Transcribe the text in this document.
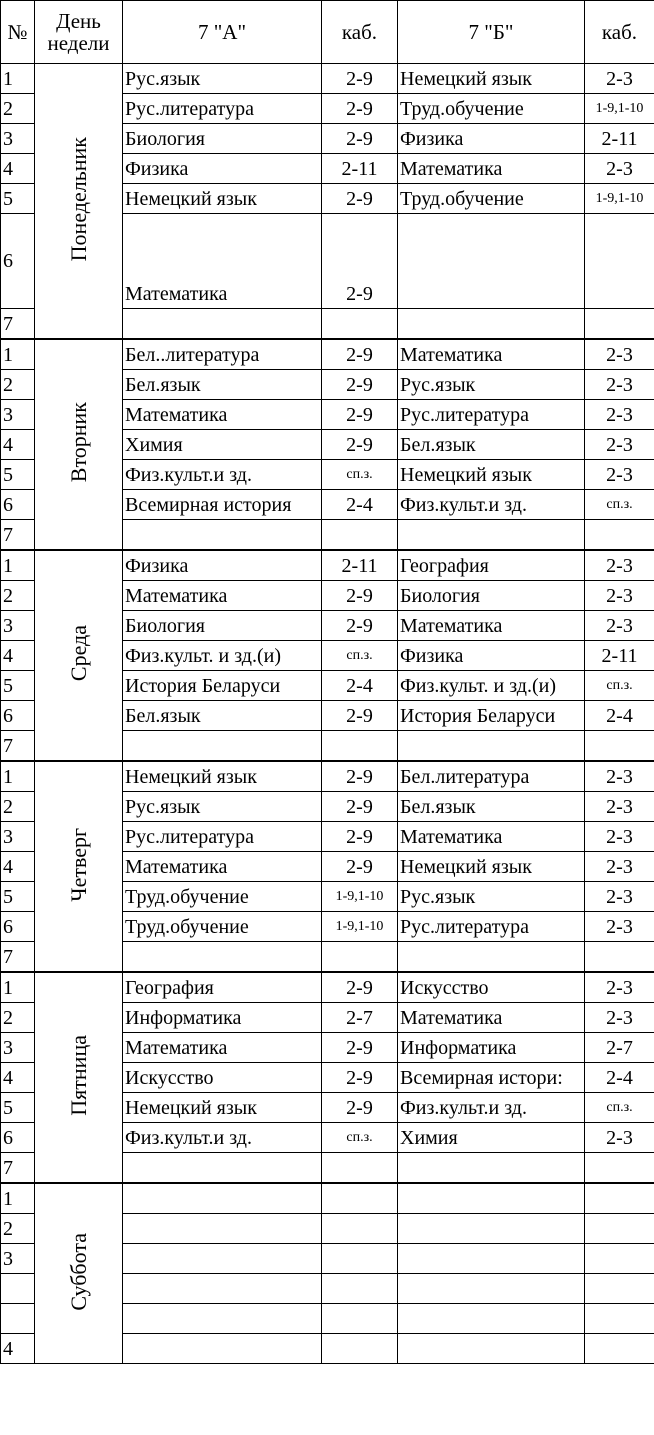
№	День
недели	7 "А"	каб.	7 "Б"	каб.
1	Понедельник	Рус.язык	2-9	Немецкий язык	2-3
2		Рус.литература	2-9	Труд.обучение	1-9,1-10
3		Биология	2-9	Физика	2-11
4		Физика	2-11	Математика	2-3
5		Немецкий язык	2-9	Труд.обучение	1-9,1-10
6		Математика	2-9		
7					
1	Вторник	Бел..литература	2-9	Математика	2-3
2		Бел.язык	2-9	Рус.язык	2-3
3		Математика	2-9	Рус.литература	2-3
4		Химия	2-9	Бел.язык	2-3
5		Физ.культ.и зд.	сп.з.	Немецкий язык	2-3
6		Всемирная история	2-4	Физ.культ.и зд.	сп.з.
7					
1	Среда	Физика	2-11	География	2-3
2		Математика	2-9	Биология	2-3
3		Биология	2-9	Математика	2-3
4		Физ.культ. и зд.(и)	сп.з.	Физика	2-11
5		История Беларуси	2-4	Физ.культ. и зд.(и)	сп.з.
6		Бел.язык	2-9	История Беларуси	2-4
7					
1	Четверг	Немецкий язык	2-9	Бел.литература	2-3
2		Рус.язык	2-9	Бел.язык	2-3
3		Рус.литература	2-9	Математика	2-3
4		Математика	2-9	Немецкий язык	2-3
5		Труд.обучение	1-9,1-10	Рус.язык	2-3
6		Труд.обучение	1-9,1-10	Рус.литература	2-3
7					
1	Пятница	География	2-9	Искусство	2-3
2		Информатика	2-7	Математика	2-3
3		Математика	2-9	Информатика	2-7
4		Искусство	2-9	Всемирная истори:	2-4
5		Немецкий язык	2-9	Физ.культ.и зд.	сп.з.
6		Физ.культ.и зд.	сп.з.	Химия	2-3
7					
1	Суббота				
2					
3					

4					
